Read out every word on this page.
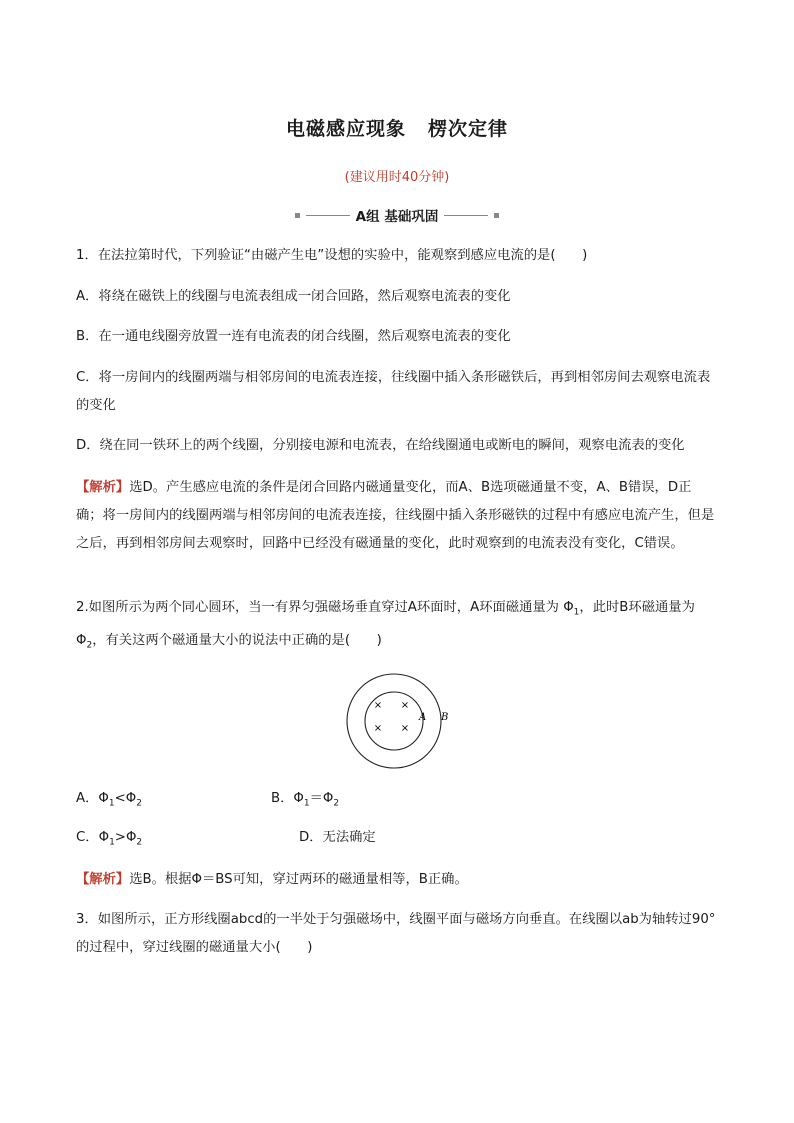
电磁感应现象 楞次定律
(建议用时40分钟)
A组 基础巩固
1．在法拉第时代，下列验证“由磁产生电”设想的实验中，能观察到感应电流的是(　　)
A．将绕在磁铁上的线圈与电流表组成一闭合回路，然后观察电流表的变化
B．在一通电线圈旁放置一连有电流表的闭合线圈，然后观察电流表的变化
C．将一房间内的线圈两端与相邻房间的电流表连接，往线圈中插入条形磁铁后，再到相邻房间去观察电流表的变化
D．绕在同一铁环上的两个线圈，分别接电源和电流表，在给线圈通电或断电的瞬间，观察电流表的变化
【解析】选D。产生感应电流的条件是闭合回路内磁通量变化，而A、B选项磁通量不变，A、B错误，D正确；将一房间内的线圈两端与相邻房间的电流表连接，往线圈中插入条形磁铁的过程中有感应电流产生，但是之后，再到相邻房间去观察时，回路中已经没有磁通量的变化，此时观察到的电流表没有变化，C错误。
2.如图所示为两个同心圆环，当一有界匀强磁场垂直穿过A环面时，A环面磁通量为 $\Phi_1$，此时B环磁通量为 $\Phi_2$，有关这两个磁通量大小的说法中正确的是(　　)
× ×
× ×
A B
A．$\Phi_1<\Phi_2$	B．$\Phi_1=\Phi_2$
C．$\Phi_1>\Phi_2$	D．无法确定
【解析】选B。根据Φ＝BS可知，穿过两环的磁通量相等，B正确。
3．如图所示，正方形线圈abcd的一半处于匀强磁场中，线圈平面与磁场方向垂直。在线圈以ab为轴转过90°的过程中，穿过线圈的磁通量大小(　　)
